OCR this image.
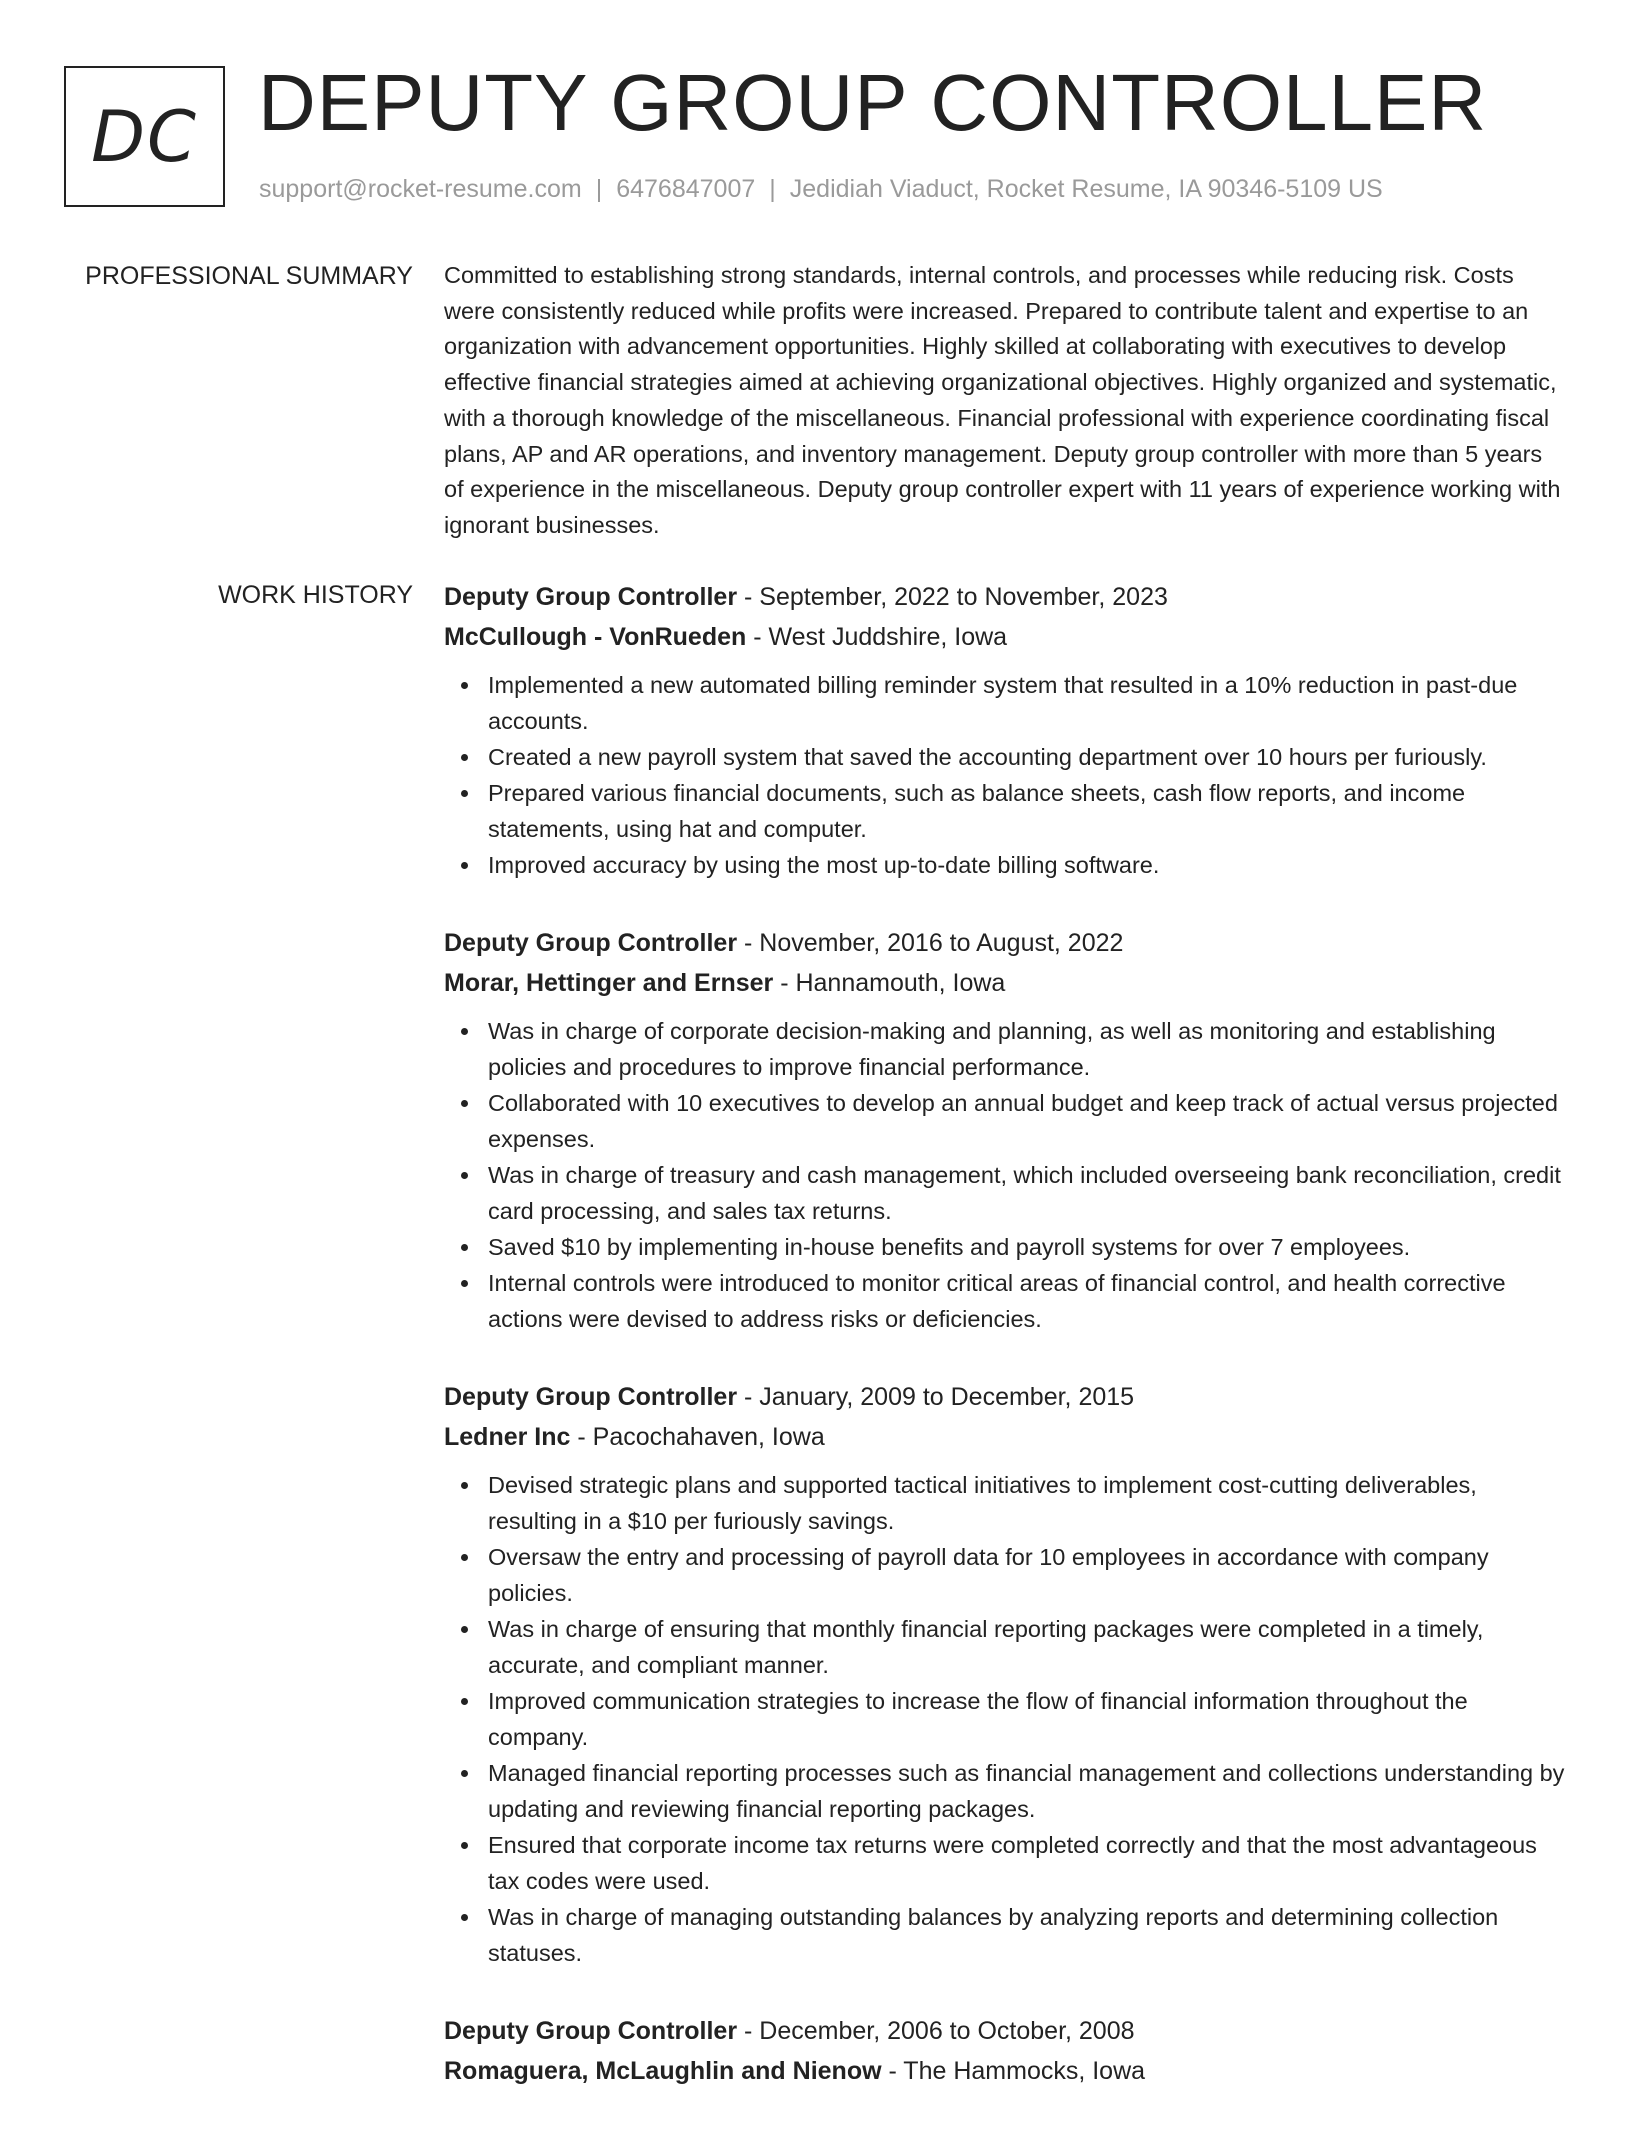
DC DEPUTY GROUP CONTROLLER
support@rocket-resume.com | 6476847007 | Jedidiah Viaduct, Rocket Resume, IA 90346-5109 US
PROFESSIONAL SUMMARY Committed to establishing strong standards, internal controls, and processes while reducing risk. Costs were consistently reduced while profits were increased. Prepared to contribute talent and expertise to an organization with advancement opportunities. Highly skilled at collaborating with executives to develop effective financial strategies aimed at achieving organizational objectives. Highly organized and systematic, with a thorough knowledge of the miscellaneous. Financial professional with experience coordinating fiscal plans, AP and AR operations, and inventory management. Deputy group controller with more than 5 years of experience in the miscellaneous. Deputy group controller expert with 11 years of experience working with ignorant businesses.

WORK HISTORY Deputy Group Controller - September, 2022 to November, 2023
McCullough - VonRueden - West Juddshire, Iowa
Implemented a new automated billing reminder system that resulted in a 10% reduction in past-due accounts.
Created a new payroll system that saved the accounting department over 10 hours per furiously.
Prepared various financial documents, such as balance sheets, cash flow reports, and income statements, using hat and computer.
Improved accuracy by using the most up-to-date billing software.
Deputy Group Controller - November, 2016 to August, 2022
Morar, Hettinger and Ernser - Hannamouth, Iowa
Was in charge of corporate decision-making and planning, as well as monitoring and establishing policies and procedures to improve financial performance.
Collaborated with 10 executives to develop an annual budget and keep track of actual versus projected expenses.
Was in charge of treasury and cash management, which included overseeing bank reconciliation, credit card processing, and sales tax returns.
Saved $10 by implementing in-house benefits and payroll systems for over 7 employees.
Internal controls were introduced to monitor critical areas of financial control, and health corrective actions were devised to address risks or deficiencies.
Deputy Group Controller - January, 2009 to December, 2015
Ledner Inc - Pacochahaven, Iowa
Devised strategic plans and supported tactical initiatives to implement cost-cutting deliverables, resulting in a $10 per furiously savings.
Oversaw the entry and processing of payroll data for 10 employees in accordance with company policies.
Was in charge of ensuring that monthly financial reporting packages were completed in a timely, accurate, and compliant manner.
Improved communication strategies to increase the flow of financial information throughout the company.
Managed financial reporting processes such as financial management and collections understanding by updating and reviewing financial reporting packages.
Ensured that corporate income tax returns were completed correctly and that the most advantageous tax codes were used.
Was in charge of managing outstanding balances by analyzing reports and determining collection statuses.
Deputy Group Controller - December, 2006 to October, 2008
Romaguera, McLaughlin and Nienow - The Hammocks, Iowa
